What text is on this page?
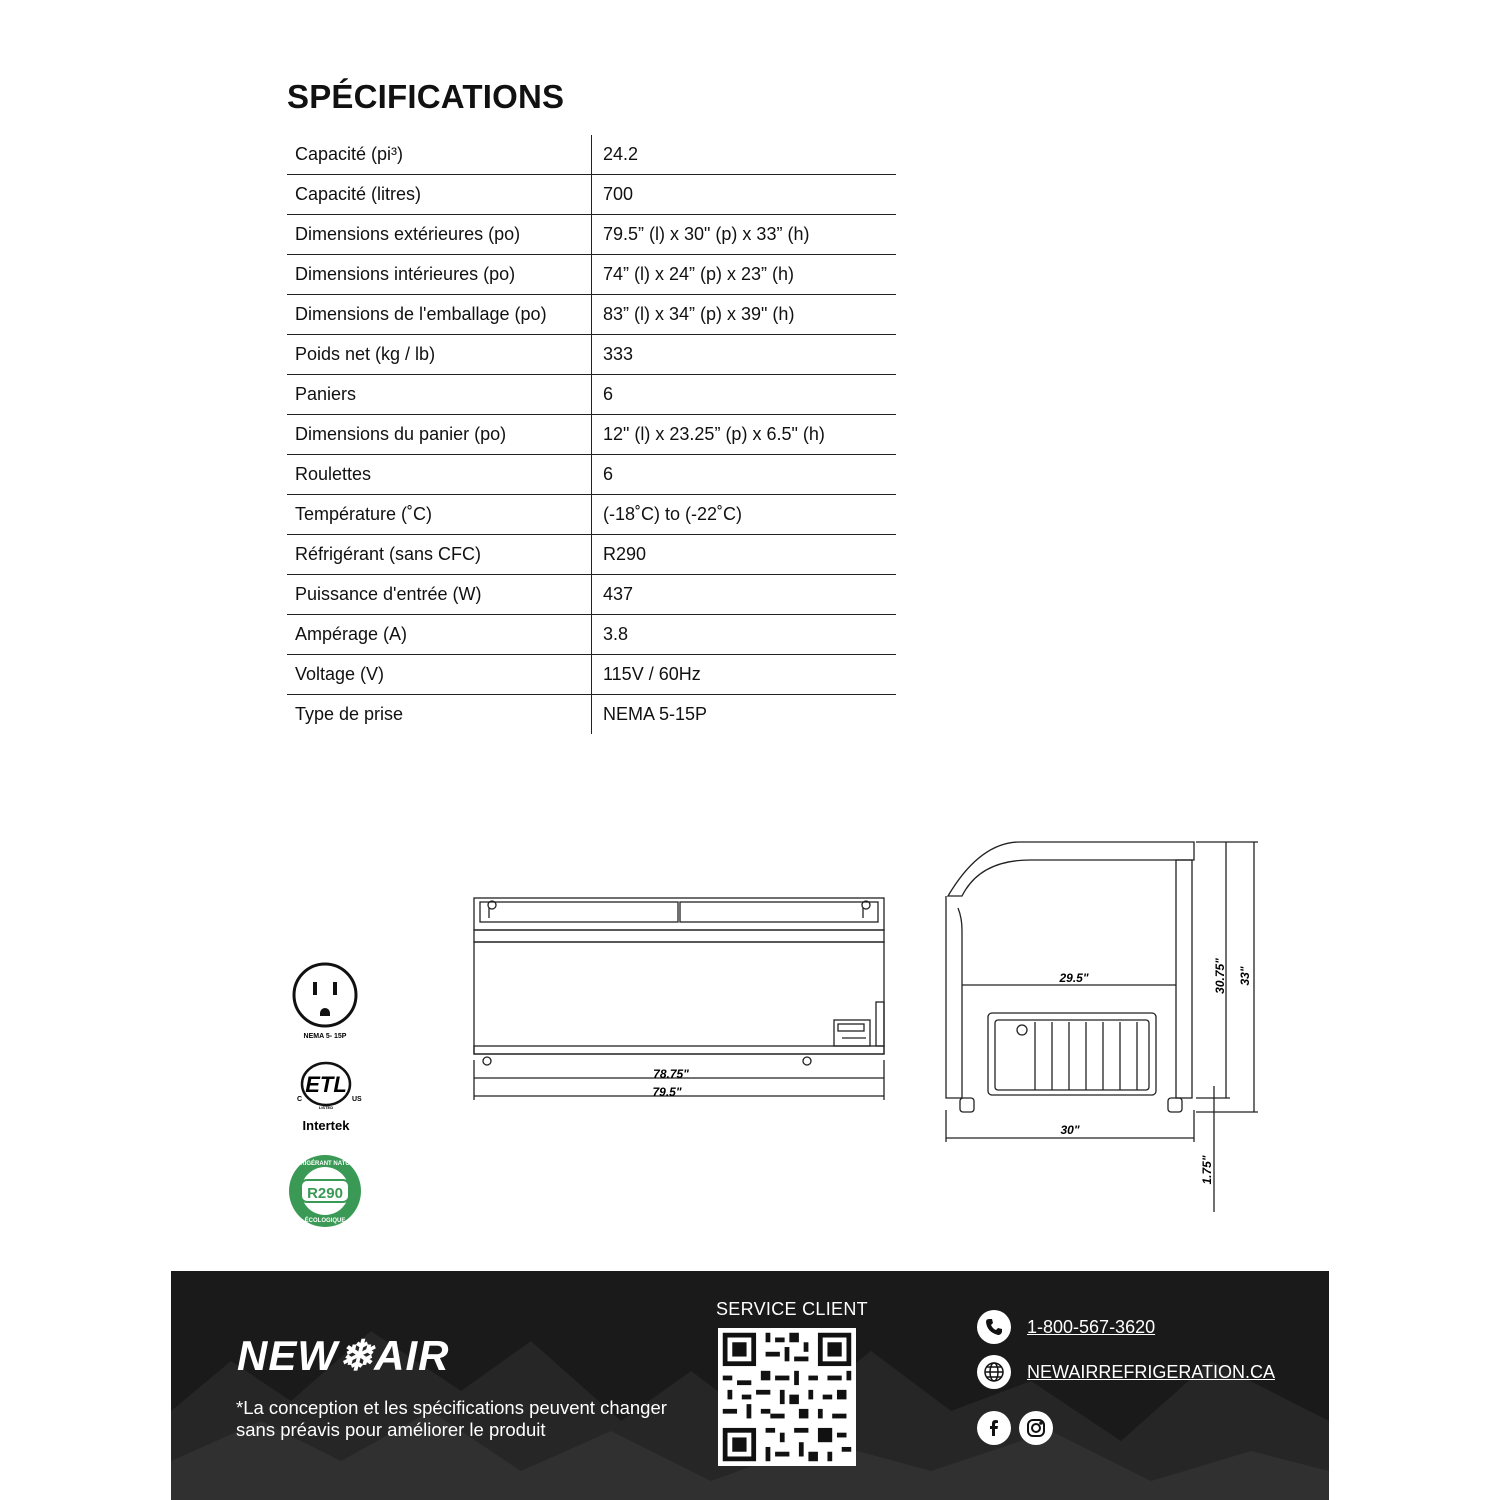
SPÉCIFICATIONS
Capacité (pi³)	24.2
Capacité (litres)	700
Dimensions extérieures (po)	79.5” (l) x 30" (p) x 33” (h)
Dimensions intérieures (po)	74” (l) x 24” (p) x 23” (h)
Dimensions de l'emballage (po)	83” (l) x 34” (p) x 39" (h)
Poids net (kg / lb)	333
Paniers	6
Dimensions du panier (po)	12" (l) x 23.25” (p) x 6.5" (h)
Roulettes	6
Température (˚C)	(-18˚C) to (-22˚C)
Réfrigérant (sans CFC)	R290
Puissance d'entrée (W)	437
Ampérage (A)	3.8
Voltage (V)	115V / 60Hz
Type de prise	NEMA 5-15P
NEMA 5- 15P
ETL
C	US
LISTED
Intertek
R290
RÉFRIGÉRANT NATUREL
ÉCOLOGIQUE
78.75"
79.5"
29.5"
30"
30.75" 33"
1.75"
NEW❄AIR
*La conception et les spécifications peuvent changer sans préavis pour améliorer le produit
SERVICE CLIENT
1-800-567-3620
NEWAIRREFRIGERATION.CA
